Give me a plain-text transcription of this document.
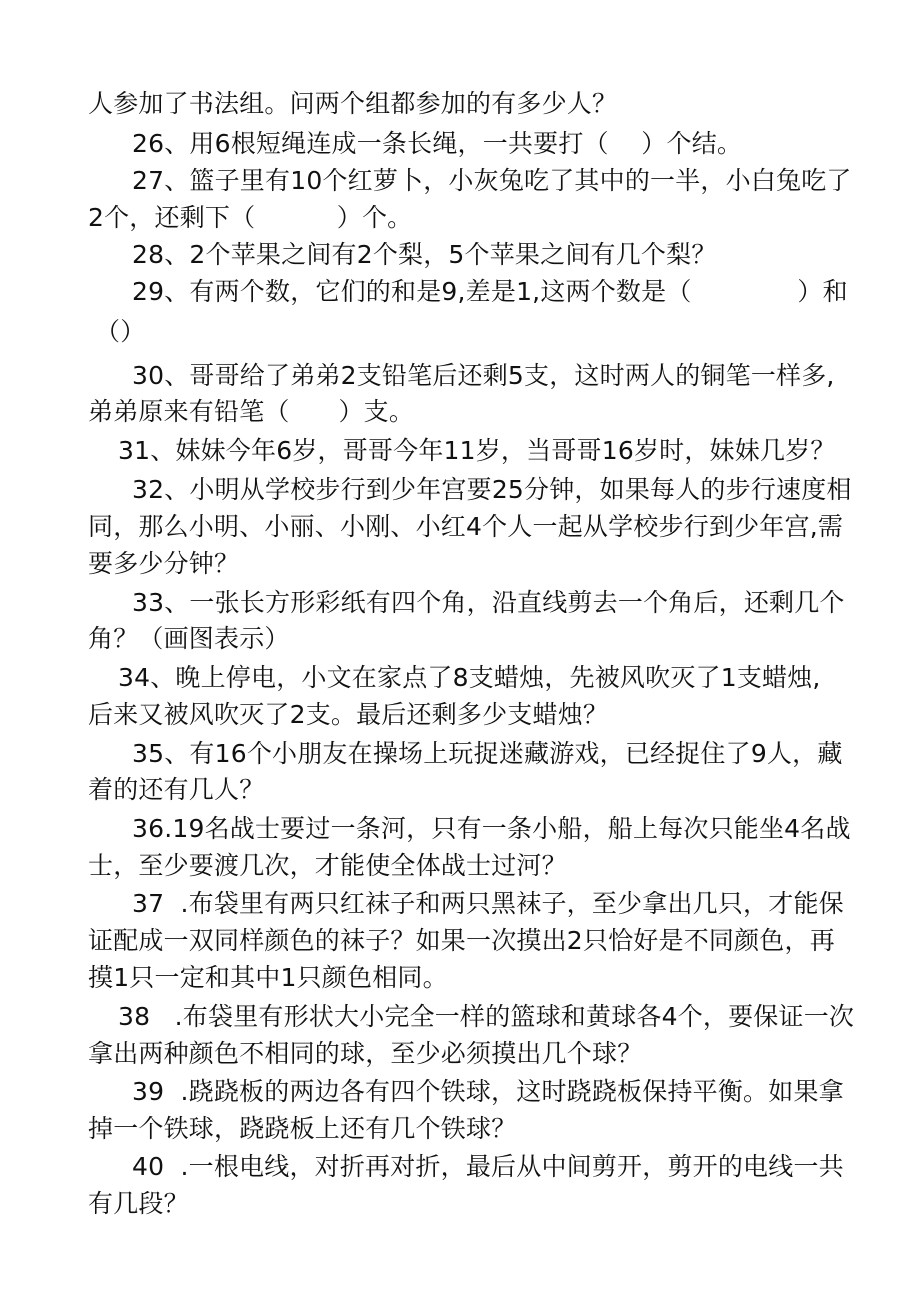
人参加了书法组。问两个组都参加的有多少人？
26、用6根短绳连成一条长绳，一共要打（    ）个结。
27、篮子里有10个红萝卜，小灰兔吃了其中的一半，小白兔吃了
2个，还剩下（          ）个。
28、2个苹果之间有2个梨，5个苹果之间有几个梨？
29、有两个数，它们的和是9,差是1,这两个数是（             ）和
（）
30、哥哥给了弟弟2支铅笔后还剩5支，这时两人的铜笔一样多,
弟弟原来有铅笔（      ）支。
31、妹妹今年6岁，哥哥今年11岁，当哥哥16岁时，妹妹几岁？
32、小明从学校步行到少年宫要25分钟，如果每人的步行速度相
同，那么小明、小丽、小刚、小红4个人一起从学校步行到少年宫,需
要多少分钟？
33、一张长方形彩纸有四个角，沿直线剪去一个角后，还剩几个
角？（画图表示）
34、晚上停电，小文在家点了8支蜡烛，先被风吹灭了1支蜡烛,
后来又被风吹灭了2支。最后还剩多少支蜡烛？
35、有16个小朋友在操场上玩捉迷藏游戏，已经捉住了9人，藏
着的还有几人？
36.19名战士要过一条河，只有一条小船，船上每次只能坐4名战
士，至少要渡几次，才能使全体战士过河？
37  .布袋里有两只红袜子和两只黑袜子，至少拿出几只，才能保
证配成一双同样颜色的袜子？如果一次摸出2只恰好是不同颜色，再
摸1只一定和其中1只颜色相同。
38   .布袋里有形状大小完全一样的篮球和黄球各4个，要保证一次
拿出两种颜色不相同的球，至少必须摸出几个球？
39  .跷跷板的两边各有四个铁球，这时跷跷板保持平衡。如果拿
掉一个铁球，跷跷板上还有几个铁球？
40  .一根电线，对折再对折，最后从中间剪开，剪开的电线一共
有几段？
